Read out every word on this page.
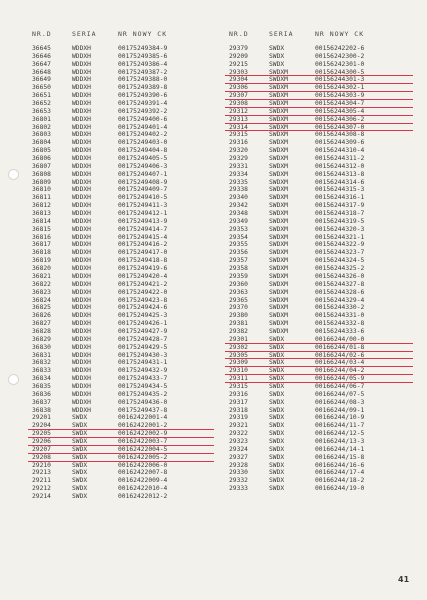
NR.D	SERIA	NR NOWY CK
36645	WDDXH	00175249384-9
36646	WDDXH	00175249385-6
36647	WDDXH	00175249386-4
36648	WDDXH	00175249387-2
36649	WDDXH	00175249388-0
36650	WDDXH	00175249389-8
36651	WDDXH	00175249390-6
36652	WDDXH	00175249391-4
36653	WDDXH	00175249392-2
36801	WDDXH	00175249400-6
36802	WDDXH	00175249401-4
36803	WDDXH	00175249402-2
36804	WDDXH	00175249403-0
36805	WDDXH	00175249404-8
36806	WDDXH	00175249405-5
36807	WDDXH	00175249406-3
36808	WDDXH	00175249407-1
36809	WDDXH	00175249408-9
36810	WDDXH	00175249409-7
36811	WDDXH	00175249410-5
36812	WDDXH	00175249411-3
36813	WDDXH	00175249412-1
36814	WDDXH	00175249413-9
36815	WDDXH	00175249414-7
36816	WDDXH	00175249415-4
36817	WDDXH	00175249416-2
36818	WDDXH	00175249417-0
36819	WDDXH	00175249418-8
36820	WDDXH	00175249419-6
36821	WDDXH	00175249420-4
36822	WDDXH	00175249421-2
36823	WDDXH	00175249422-0
36824	WDDXH	00175249423-8
36825	WDDXH	00175249424-6
36826	WDDXH	00175249425-3
36827	WDDXH	00175249426-1
36828	WDDXH	00175249427-9
36829	WDDXH	00175249428-7
36830	WDDXH	00175249429-5
36831	WDDXH	00175249430-3
36832	WDDXH	00175249431-1
36833	WDDXH	00175249432-9
36834	WDDXH	00175249433-7
36835	WDDXH	00175249434-5
36836	WDDXH	00175249435-2
36837	WDDXH	00175249436-0
36838	WDDXH	00175249437-8
29201	SWDX	00162422001-4
29204	SWDX	00162422001-2
29205	SWDX	00162422002-9
29206	SWDX	00162422003-7
29207	SWDX	00162422004-5
29208	SWDX	00162422005-2
29210	SWDX	00162422006-0
29213	SWDX	00162422007-8
29211	SWDX	00162422009-4
29212	SWDX	00162422010-4
29214	SWDX	00162422012-2
NR.D	SERIA	NR NOWY CK
29379	SWDX	00156242202-6
29209	SWDX	00156242300-2
29215	SWDX	00156242301-0
29303	SWDXM	00156244300-5
29304	SWDXM	00156244301-3
29306	SWDXM	00156244302-1
29307	SWDXM	00156244303-9
29308	SWDXM	00156244304-7
29312	SWDXM	00156244305-4
29313	SWDXM	00156244306-2
29314	SWDXM	00156244307-0
29315	SWDXM	00156244308-8
29316	SWDXM	00156244309-6
29320	SWDXM	00156244310-4
29329	SWDXM	00156244311-2
29331	SWDXM	00156244312-0
29334	SWDXM	00156244313-8
29335	SWDXM	00156244314-6
29338	SWDXM	00156244315-3
29340	SWDXM	00156244316-1
29342	SWDXM	00156244317-9
29348	SWDXM	00156244318-7
29349	SWDXM	00156244319-5
29353	SWDXM	00156244320-3
29354	SWDXM	00156244321-1
29355	SWDXM	00156244322-9
29356	SWDXM	00156244323-7
29357	SWDXM	00156244324-5
29358	SWDXM	00156244325-2
29359	SWDXM	00156244326-0
29360	SWDXM	00156244327-8
29363	SWDXM	00156244328-6
29365	SWDXM	00156244329-4
29370	SWDXM	00156244330-2
29380	SWDXM	00156244331-0
29381	SWDXM	00156244332-8
29382	SWDXM	00156244333-6
29301	SWDX	00166244/00-0
29302	SWDX	00166244/01-8
29305	SWDX	00166244/02-6
29309	SWDX	00166244/03-4
29310	SWDX	00166244/04-2
29311	SWDX	00166244/05-9
29315	SWDX	00166244/06-7
29316	SWDX	00166244/07-5
29317	SWDX	00166244/08-3
29318	SWDX	00166244/09-1
29319	SWDX	00166244/10-9
29321	SWDX	00166244/11-7
29322	SWDX	00166244/12-5
29323	SWDX	00166244/13-3
29324	SWDX	00166244/14-1
29327	SWDX	00166244/15-8
29328	SWDX	00166244/16-6
29330	SWDX	00166244/17-4
29332	SWDX	00166244/18-2
29333	SWDX	00166244/19-0
41
